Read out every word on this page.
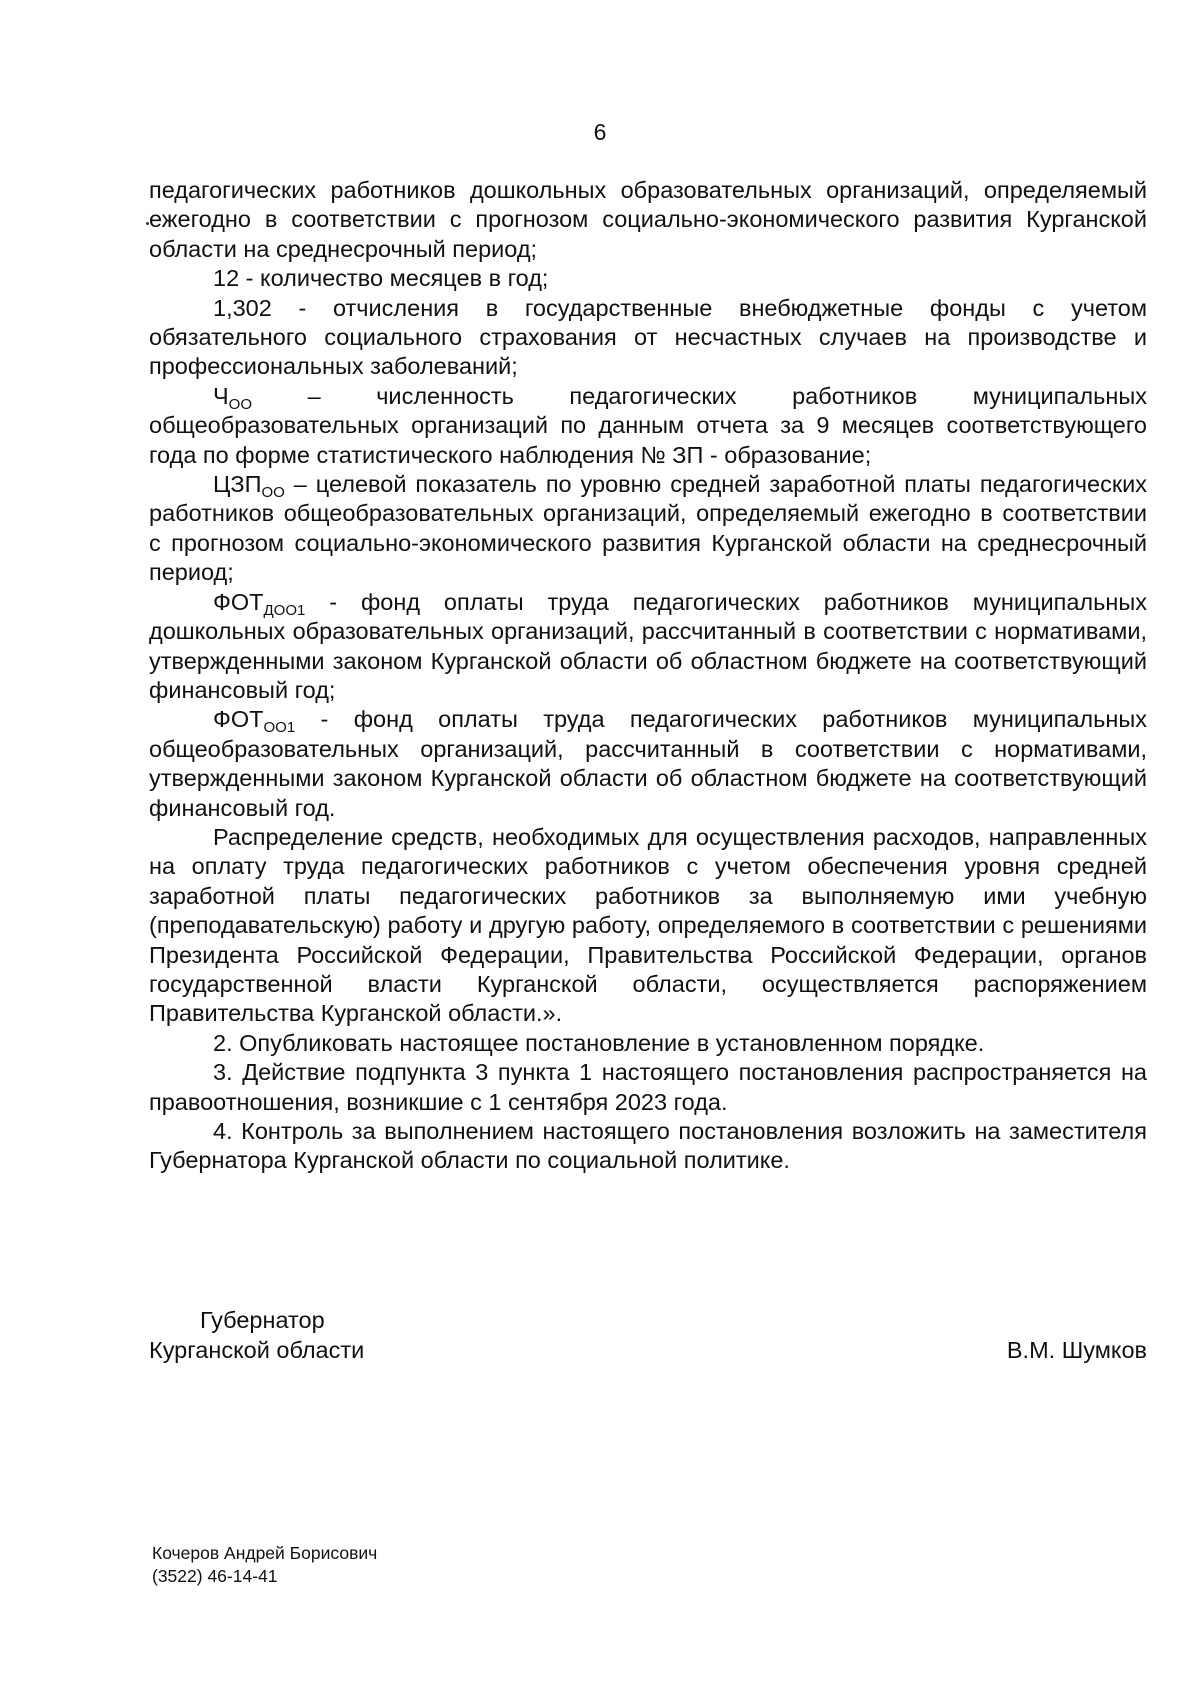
6

педагогических работников дошкольных образовательных организаций, определяемый ежегодно в соответствии с прогнозом социально-экономического развития Курганской области на среднесрочный период;

12 - количество месяцев в год;

1,302 - отчисления в государственные внебюджетные фонды с учетом обязательного социального страхования от несчастных случаев на производстве и профессиональных заболеваний;

$Ч_{ОО}$ – численность педагогических работников муниципальных общеобразовательных организаций по данным отчета за 9 месяцев соответствующего года по форме статистического наблюдения № ЗП - образование;

$ЦЗП_{ОО}$ – целевой показатель по уровню средней заработной платы педагогических работников общеобразовательных организаций, определяемый ежегодно в соответствии с прогнозом социально-экономического развития Курганской области на среднесрочный период;

$ФОТ_{ДОО1}$ - фонд оплаты труда педагогических работников муниципальных дошкольных образовательных организаций, рассчитанный в соответствии с нормативами, утвержденными законом Курганской области об областном бюджете на соответствующий финансовый год;

$ФОТ_{ОО1}$ - фонд оплаты труда педагогических работников муниципальных общеобразовательных организаций, рассчитанный в соответствии с нормативами, утвержденными законом Курганской области об областном бюджете на соответствующий финансовый год.

Распределение средств, необходимых для осуществления расходов, направленных на оплату труда педагогических работников с учетом обеспечения уровня средней заработной платы педагогических работников за выполняемую ими учебную (преподавательскую) работу и другую работу, определяемого в соответствии с решениями Президента Российской Федерации, Правительства Российской Федерации, органов государственной власти Курганской области, осуществляется распоряжением Правительства Курганской области.».

2. Опубликовать настоящее постановление в установленном порядке.

3. Действие подпункта 3 пункта 1 настоящего постановления распространяется на правоотношения, возникшие с 1 сентября 2023 года.

4. Контроль за выполнением настоящего постановления возложить на заместителя Губернатора Курганской области по социальной политике.

Губернатор
Курганской области	В.М. Шумков
Кочеров Андрей Борисович
(3522) 46-14-41
